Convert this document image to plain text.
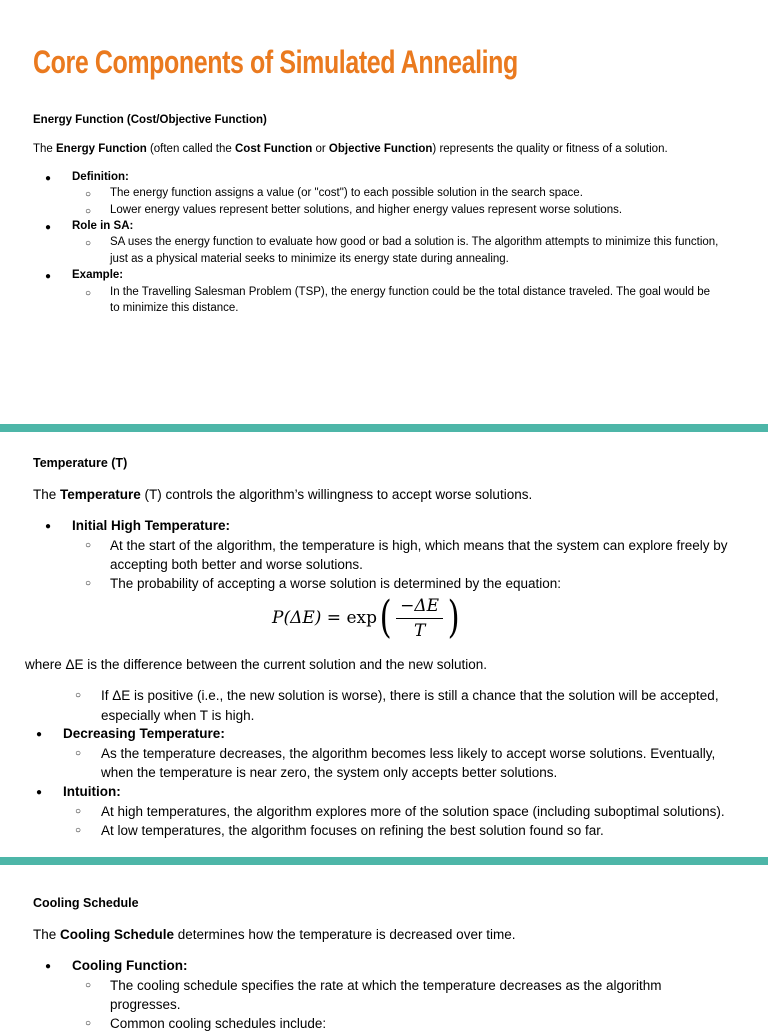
Core Components of Simulated Annealing
Energy Function (Cost/Objective Function)
The Energy Function (often called the Cost Function or Objective Function) represents the quality or fitness of a solution.
● Definition:
○ The energy function assigns a value (or "cost") to each possible solution in the search space.
○ Lower energy values represent better solutions, and higher energy values represent worse solutions.
● Role in SA:
○ SA uses the energy function to evaluate how good or bad a solution is. The algorithm attempts to minimize this function,
just as a physical material seeks to minimize its energy state during annealing.
● Example:
○ In the Travelling Salesman Problem (TSP), the energy function could be the total distance traveled. The goal would be
to minimize this distance.
Temperature (T)
The Temperature (T) controls the algorithm’s willingness to accept worse solutions.
● Initial High Temperature:
○ At the start of the algorithm, the temperature is high, which means that the system can explore freely by
accepting both better and worse solutions.
○ The probability of accepting a worse solution is determined by the equation:
P(ΔE) = exp ( $\frac{-\Delta E}{T}$ )
where ΔE is the difference between the current solution and the new solution.
○ If ΔE is positive (i.e., the new solution is worse), there is still a chance that the solution will be accepted,
especially when T is high.
● Decreasing Temperature:
○ As the temperature decreases, the algorithm becomes less likely to accept worse solutions. Eventually,
when the temperature is near zero, the system only accepts better solutions.
● Intuition:
○ At high temperatures, the algorithm explores more of the solution space (including suboptimal solutions).
○ At low temperatures, the algorithm focuses on refining the best solution found so far.
Cooling Schedule
The Cooling Schedule determines how the temperature is decreased over time.
● Cooling Function:
○ The cooling schedule specifies the rate at which the temperature decreases as the algorithm
progresses.
○ Common cooling schedules include:
